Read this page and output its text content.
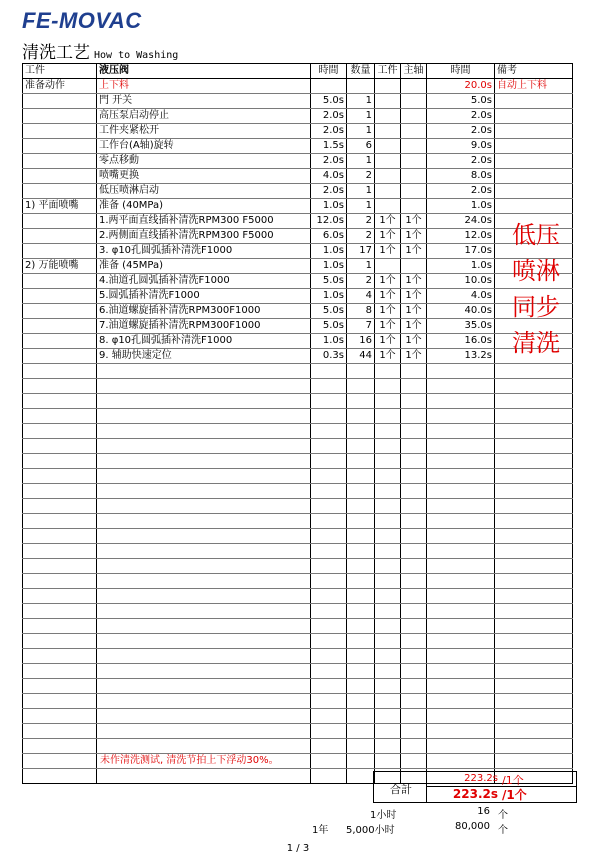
FE-MOVAC
清洗工艺 How to Washing
工件	液压阀	時間	数量	工件	主轴	時間	備考
准备动作	上下料					20.0s	自动上下料
	門 开关	5.0s	1			5.0s	
	高压泵启动停止	2.0s	1			2.0s	
	工件夹紧松开	2.0s	1			2.0s	
	工作台(A轴)旋转	1.5s	6			9.0s	
	零点移動	2.0s	1			2.0s	
	喷嘴更换	4.0s	2			8.0s	
	低压喷淋启动	2.0s	1			2.0s	
1) 平面喷嘴	准备 (40MPa)	1.0s	1			1.0s	
	1.两平面直线插补清洗RPM300 F5000	12.0s	2	1个	1个	24.0s	
	2.两侧面直线插补清洗RPM300 F5000	6.0s	2	1个	1个	12.0s	
	3. φ10孔圆弧插补清洗F1000	1.0s	17	1个	1个	17.0s	
2) 万能喷嘴	准备 (45MPa)	1.0s	1			1.0s	
	4.油道孔圆弧插补清洗F1000	5.0s	2	1个	1个	10.0s	
	5.圆弧插补清洗F1000	1.0s	4	1个	1个	4.0s	
	6.油道螺旋插补清洗RPM300F1000	5.0s	8	1个	1个	40.0s	
	7.油道螺旋插补清洗RPM300F1000	5.0s	7	1个	1个	35.0s	
	8. φ10孔圆弧插补清洗F1000	1.0s	16	1个	1个	16.0s	
	9. 辅助快速定位	0.3s	44	1个	1个	13.2s	

低压
喷淋
同步
清洗
未作清洗测试, 清洗节拍上下浮动30%。
合計
223.2s /1个
223.2s /1个
1小时	16 个
1年 5,000小时	80,000 个
1 / 3
